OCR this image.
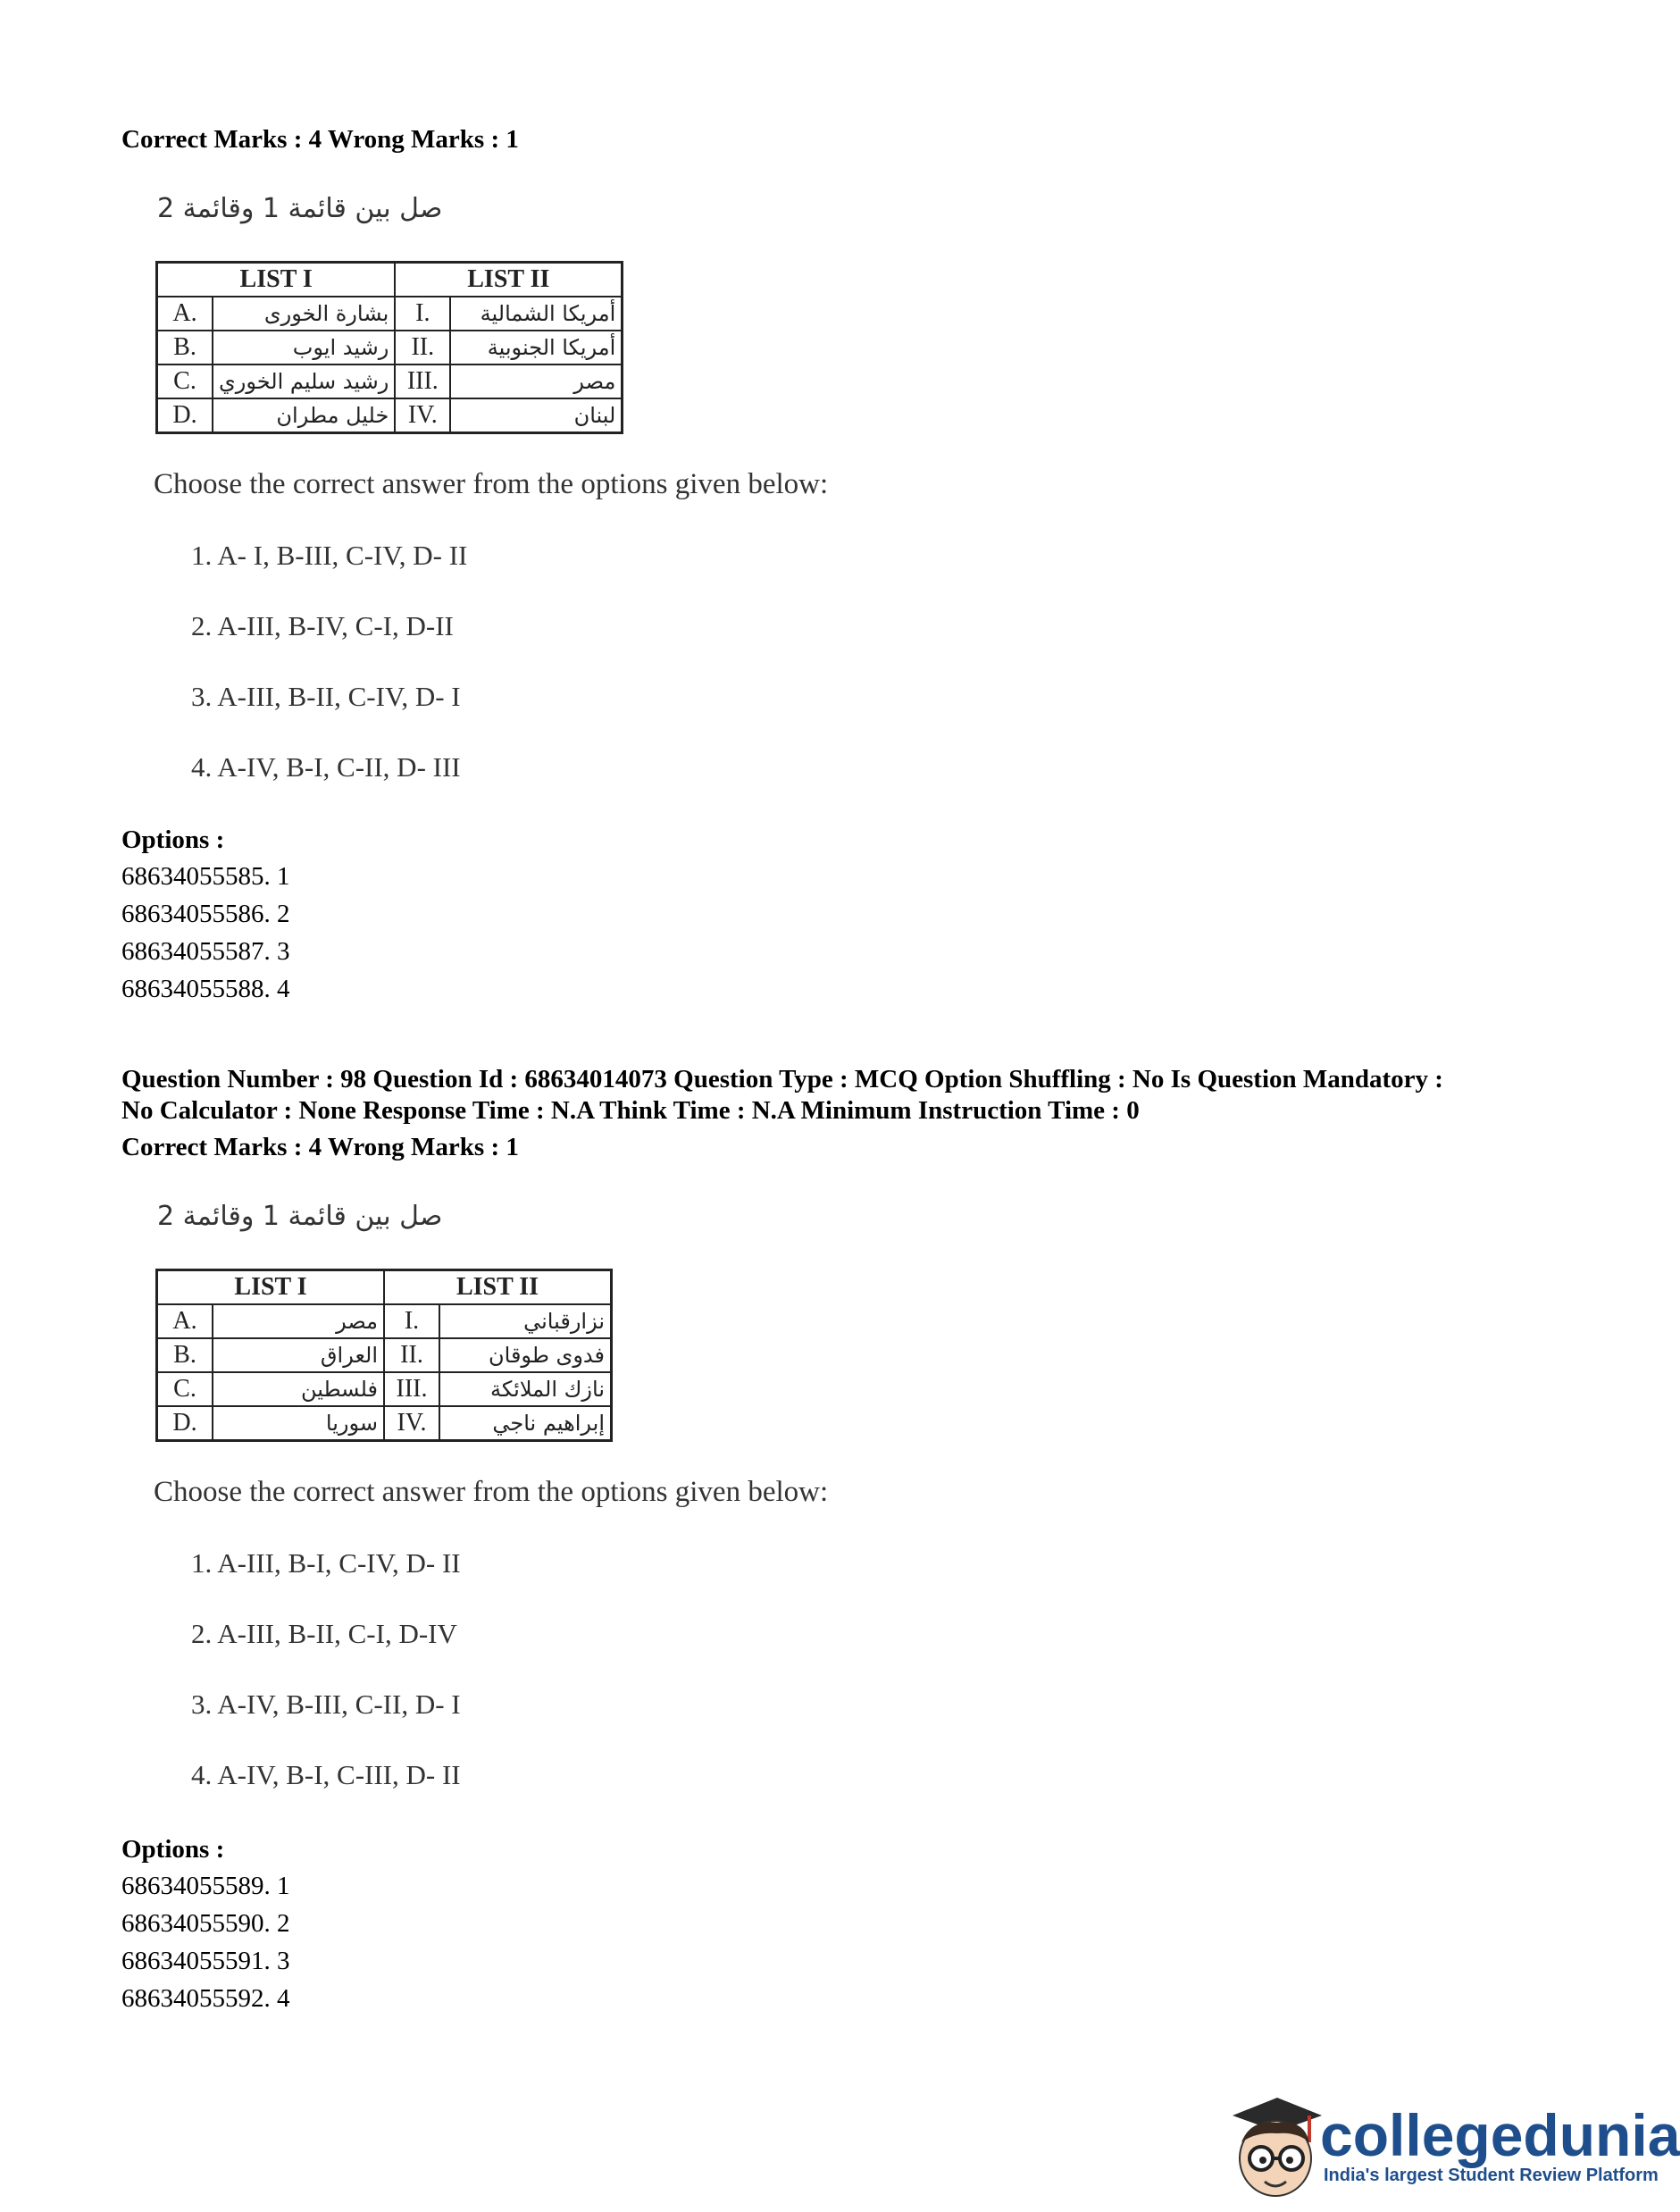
Correct Marks : 4 Wrong Marks : 1
صل بين قائمة 1 وقائمة 2
LIST I		LIST II	
A.	بشارة الخورى	I.	أمريكا الشمالية
B.	رشيد ايوب	II.	أمريكا الجنوبية
C.	رشيد سليم الخوري	III.	مصر
D.	خليل مطران	IV.	لبنان
Choose the correct answer from the options given below:
1. A- I, B-III, C-IV, D- II
2. A-III, B-IV, C-I, D-II
3. A-III, B-II, C-IV, D- I
4. A-IV, B-I, C-II, D- III
Options :
68634055585. 1
68634055586. 2
68634055587. 3
68634055588. 4
Question Number : 98 Question Id : 68634014073 Question Type : MCQ Option Shuffling : No Is Question Mandatory :
No Calculator : None Response Time : N.A Think Time : N.A Minimum Instruction Time : 0
Correct Marks : 4 Wrong Marks : 1
صل بين قائمة 1 وقائمة 2
LIST I		LIST II	
A.	مصر	I.	نزارقباني
B.	العراق	II.	فدوى طوقان
C.	فلسطين	III.	نازك الملائكة
D.	سوريا	IV.	إبراهيم ناجي
Choose the correct answer from the options given below:
1. A-III, B-I, C-IV, D- II
2. A-III, B-II, C-I, D-IV
3. A-IV, B-III, C-II, D- I
4. A-IV, B-I, C-III, D- II
Options :
68634055589. 1
68634055590. 2
68634055591. 3
68634055592. 4
collegedunia
India's largest Student Review Platform
